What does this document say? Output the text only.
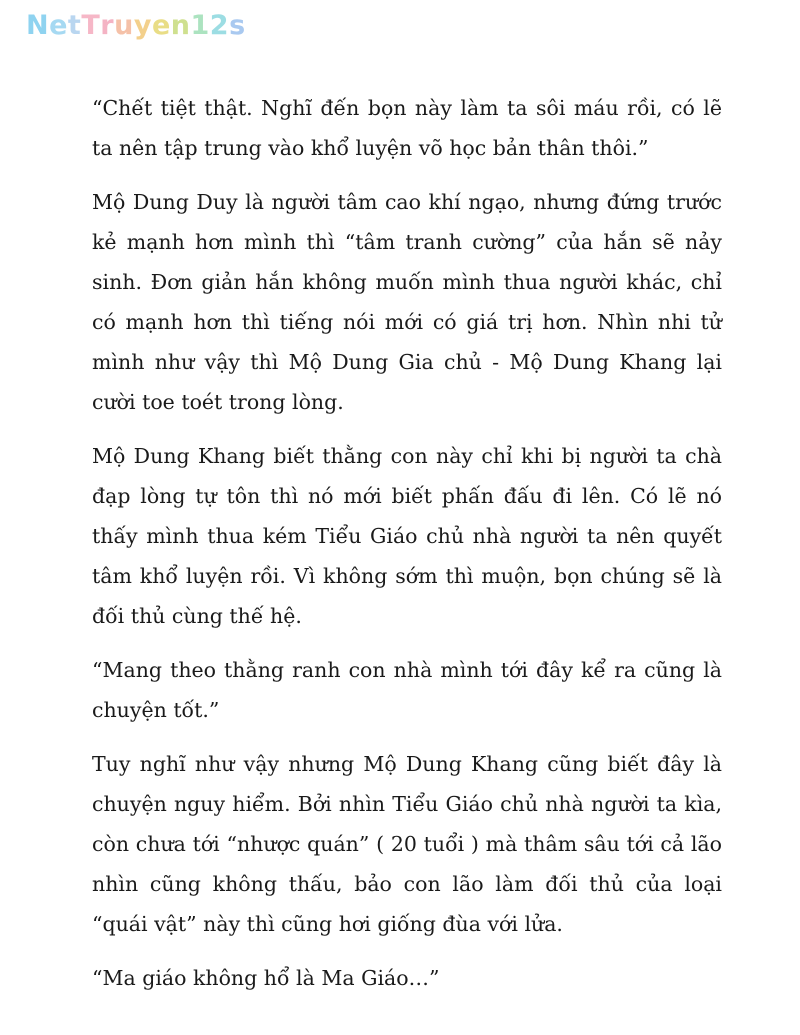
NetTruyen12s

“Chết tiệt thật. Nghĩ đến bọn này làm ta sôi máu rồi, có lẽ ta nên tập trung vào khổ luyện võ học bản thân thôi.”

Mộ Dung Duy là người tâm cao khí ngạo, nhưng đứng trước kẻ mạnh hơn mình thì “tâm tranh cường” của hắn sẽ nảy sinh. Đơn giản hắn không muốn mình thua người khác, chỉ có mạnh hơn thì tiếng nói mới có giá trị hơn. Nhìn nhi tử mình như vậy thì Mộ Dung Gia chủ - Mộ Dung Khang lại cười toe toét trong lòng.

Mộ Dung Khang biết thằng con này chỉ khi bị người ta chà đạp lòng tự tôn thì nó mới biết phấn đấu đi lên. Có lẽ nó thấy mình thua kém Tiểu Giáo chủ nhà người ta nên quyết tâm khổ luyện rồi. Vì không sớm thì muộn, bọn chúng sẽ là đối thủ cùng thế hệ.

“Mang theo thằng ranh con nhà mình tới đây kể ra cũng là chuyện tốt.”

Tuy nghĩ như vậy nhưng Mộ Dung Khang cũng biết đây là chuyện nguy hiểm. Bởi nhìn Tiểu Giáo chủ nhà người ta kìa, còn chưa tới “nhược quán” ( 20 tuổi ) mà thâm sâu tới cả lão nhìn cũng không thấu, bảo con lão làm đối thủ của loại “quái vật” này thì cũng hơi giống đùa với lửa.

“Ma giáo không hổ là Ma Giáo…”
